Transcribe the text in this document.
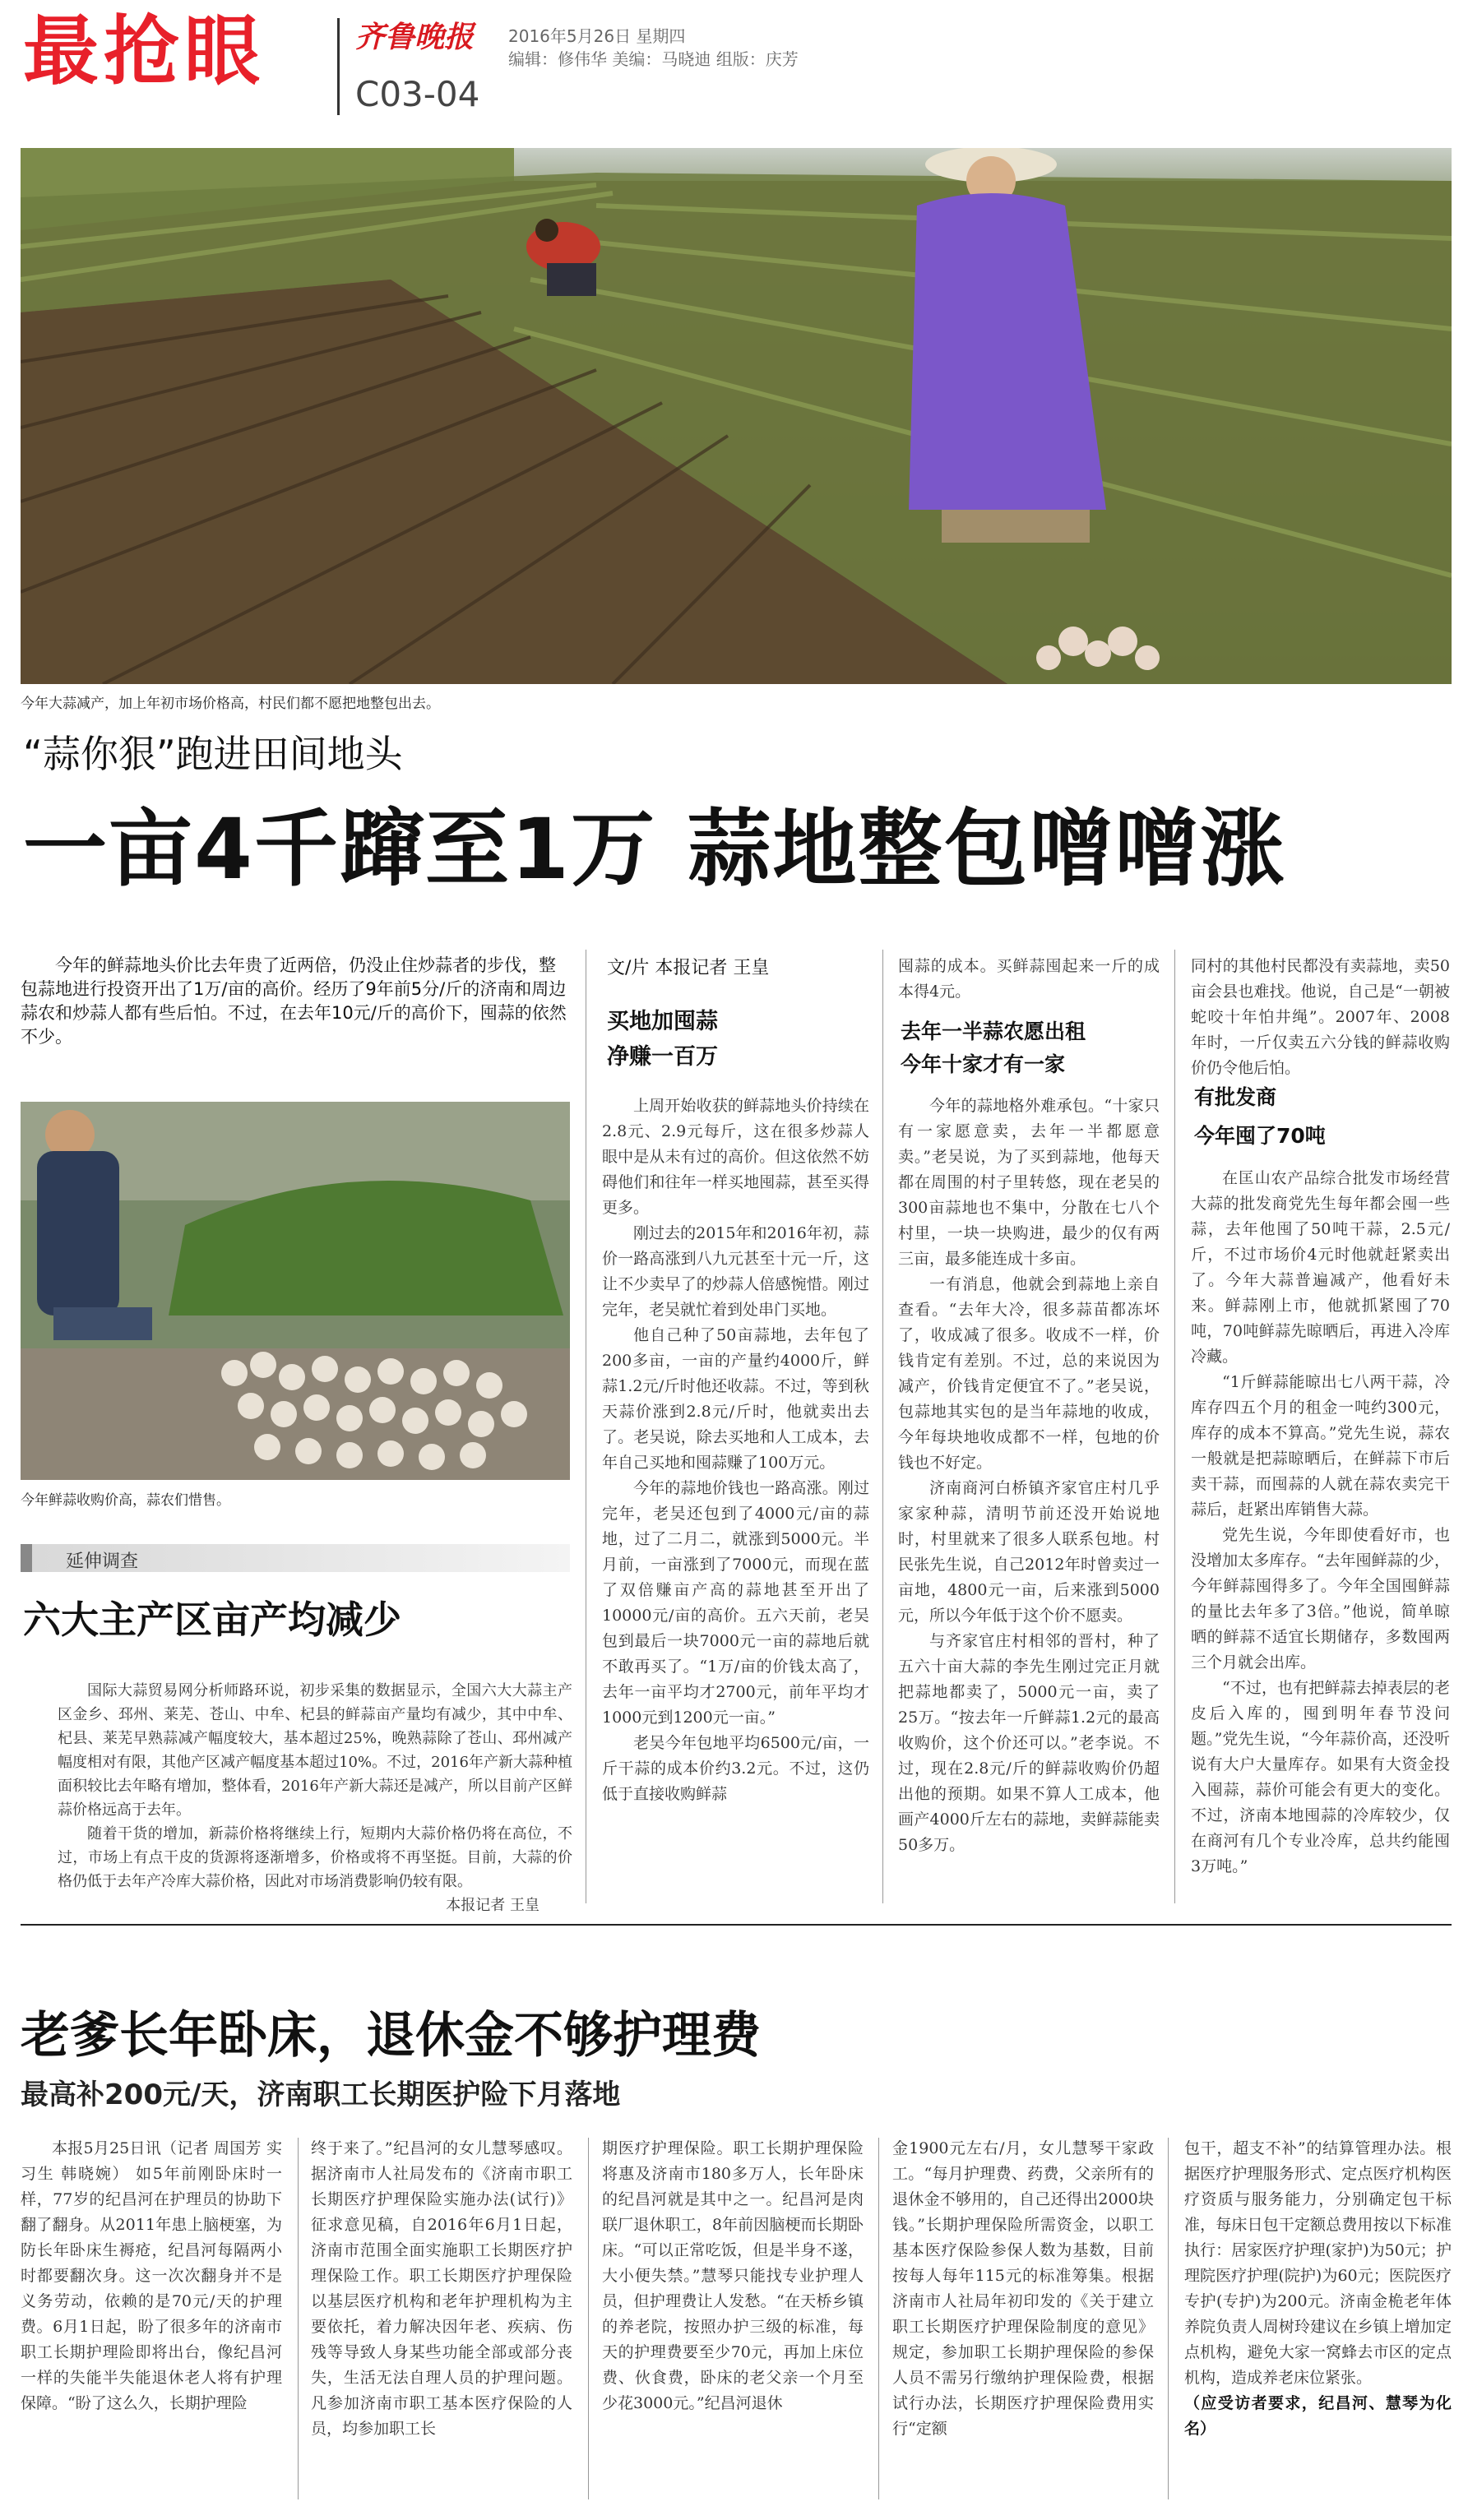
最抢眼	齐鲁晚报 2016年5月26日 星期四
编辑：修伟华 美编：马晓迪 组版：庆芳
C03-04
今年大蒜减产，加上年初市场价格高，村民们都不愿把地整包出去。
“蒜你狠”跑进田间地头
一亩4千蹿至1万 蒜地整包噌噌涨
今年的鲜蒜地头价比去年贵了近两倍，仍没止住炒蒜者的步伐，整包蒜地进行投资开出了1万/亩的高价。经历了9年前5分/斤的济南和周边蒜农和炒蒜人都有些后怕。不过，在去年10元/斤的高价下，囤蒜的依然不少。
今年鲜蒜收购价高，蒜农们惜售。
延伸调查
六大主产区亩产均减少

国际大蒜贸易网分析师路环说，初步采集的数据显示，全国六大大蒜主产区金乡、邳州、莱芜、苍山、中牟、杞县的鲜蒜亩产量均有减少，其中中牟、杞县、莱芜早熟蒜减产幅度较大，基本超过25%，晚熟蒜除了苍山、邳州减产幅度相对有限，其他产区减产幅度基本超过10%。不过，2016年产新大蒜种植面积较比去年略有增加，整体看，2016年产新大蒜还是减产，所以目前产区鲜蒜价格远高于去年。

随着干货的增加，新蒜价格将继续上行，短期内大蒜价格仍将在高位，不过，市场上有点干皮的货源将逐渐增多，价格或将不再坚挺。目前，大蒜的价格仍低于去年产冷库大蒜价格，因此对市场消费影响仍较有限。

本报记者 王皇
文/片 本报记者 王皇
买地加囤蒜
净赚一百万

上周开始收获的鲜蒜地头价持续在2.8元、2.9元每斤，这在很多炒蒜人眼中是从未有过的高价。但这依然不妨碍他们和往年一样买地囤蒜，甚至买得更多。

刚过去的2015年和2016年初，蒜价一路高涨到八九元甚至十元一斤，这让不少卖早了的炒蒜人倍感惋惜。刚过完年，老吴就忙着到处串门买地。

他自己种了50亩蒜地，去年包了200多亩，一亩的产量约4000斤，鲜蒜1.2元/斤时他还收蒜。不过，等到秋天蒜价涨到2.8元/斤时，他就卖出去了。老吴说，除去买地和人工成本，去年自己买地和囤蒜赚了100万元。

今年的蒜地价钱也一路高涨。刚过完年，老吴还包到了4000元/亩的蒜地，过了二月二，就涨到5000元。半月前，一亩涨到了7000元，而现在蓝了双倍赚亩产高的蒜地甚至开出了10000元/亩的高价。五六天前，老吴包到最后一块7000元一亩的蒜地后就不敢再买了。“1万/亩的价钱太高了，去年一亩平均才2700元，前年平均才1000元到1200元一亩。”

老吴今年包地平均6500元/亩，一斤干蒜的成本价约3.2元。不过，这仍低于直接收购鲜蒜

囤蒜的成本。买鲜蒜囤起来一斤的成本得4元。
去年一半蒜农愿出租
今年十家才有一家

今年的蒜地格外难承包。“十家只有一家愿意卖，去年一半都愿意卖。”老吴说，为了买到蒜地，他每天都在周围的村子里转悠，现在老吴的300亩蒜地也不集中，分散在七八个村里，一块一块购进，最少的仅有两三亩，最多能连成十多亩。

一有消息，他就会到蒜地上亲自查看。“去年大冷，很多蒜苗都冻坏了，收成减了很多。收成不一样，价钱肯定有差别。不过，总的来说因为减产，价钱肯定便宜不了。”老吴说，包蒜地其实包的是当年蒜地的收成，今年每块地收成都不一样，包地的价钱也不好定。

济南商河白桥镇齐家官庄村几乎家家种蒜，清明节前还没开始说地时，村里就来了很多人联系包地。村民张先生说，自己2012年时曾卖过一亩地，4800元一亩，后来涨到5000元，所以今年低于这个价不愿卖。

与齐家官庄村相邻的晋村，种了五六十亩大蒜的李先生刚过完正月就把蒜地都卖了，5000元一亩，卖了25万。“按去年一斤鲜蒜1.2元的最高收购价，这个价还可以。”老李说。不过，现在2.8元/斤的鲜蒜收购价仍超出他的预期。如果不算人工成本，他画产4000斤左右的蒜地，卖鲜蒜能卖50多万。

同村的其他村民都没有卖蒜地，卖50亩会县也难找。他说，自己是“一朝被蛇咬十年怕井绳”。2007年、2008年时，一斤仅卖五六分钱的鲜蒜收购价仍令他后怕。
有批发商
今年囤了70吨

在匡山农产品综合批发市场经营大蒜的批发商党先生每年都会囤一些蒜，去年他囤了50吨干蒜，2.5元/斤，不过市场价4元时他就赶紧卖出了。今年大蒜普遍减产，他看好未来。鲜蒜刚上市，他就抓紧囤了70吨，70吨鲜蒜先晾晒后，再进入冷库冷藏。

“1斤鲜蒜能晾出七八两干蒜，冷库存四五个月的租金一吨约300元，库存的成本不算高。”党先生说，蒜农一般就是把蒜晾晒后，在鲜蒜下市后卖干蒜，而囤蒜的人就在蒜农卖完干蒜后，赶紧出库销售大蒜。

党先生说，今年即使看好市，也没增加太多库存。“去年囤鲜蒜的少，今年鲜蒜囤得多了。今年全国囤鲜蒜的量比去年多了3倍。”他说，简单晾晒的鲜蒜不适宜长期储存，多数囤两三个月就会出库。

“不过，也有把鲜蒜去掉表层的老皮后入库的，囤到明年春节没问题。”党先生说，“今年蒜价高，还没听说有大户大量库存。如果有大资金投入囤蒜，蒜价可能会有更大的变化。不过，济南本地囤蒜的冷库较少，仅在商河有几个专业冷库，总共约能囤3万吨。”

老爹长年卧床，退休金不够护理费
最高补200元/天，济南职工长期医护险下月落地

本报5月25日讯（记者 周国芳 实习生 韩晓婉） 如5年前刚卧床时一样，77岁的纪昌河在护理员的协助下翻了翻身。从2011年患上脑梗塞，为防长年卧床生褥疮，纪昌河每隔两小时都要翻次身。这一次次翻身并不是义务劳动，依赖的是70元/天的护理费。6月1日起，盼了很多年的济南市职工长期护理险即将出台，像纪昌河一样的失能半失能退休老人将有护理保障。“盼了这么久，长期护理险

终于来了。”纪昌河的女儿慧琴感叹。据济南市人社局发布的《济南市职工长期医疗护理保险实施办法(试行)》征求意见稿，自2016年6月1日起，济南市范围全面实施职工长期医疗护理保险工作。职工长期医疗护理保险以基层医疗机构和老年护理机构为主要依托，着力解决因年老、疾病、伤残等导致人身某些功能全部或部分丧失，生活无法自理人员的护理问题。凡参加济南市职工基本医疗保险的人员，均参加职工长
期医疗护理保险。职工长期护理保险将惠及济南市180多万人，长年卧床的纪昌河就是其中之一。纪昌河是肉联厂退休职工，8年前因脑梗而长期卧床。“可以正常吃饭，但是半身不遂，大小便失禁。”慧琴只能找专业护理人员，但护理费让人发愁。“在天桥乡镇的养老院，按照办护三级的标准，每天的护理费要至少70元，再加上床位费、伙食费，卧床的老父亲一个月至少花3000元。”纪昌河退休
金1900元左右/月，女儿慧琴干家政工。“每月护理费、药费，父亲所有的退休金不够用的，自己还得出2000块钱。”长期护理保险所需资金，以职工基本医疗保险参保人数为基数，目前按每人每年115元的标准筹集。根据济南市人社局年初印发的《关于建立职工长期医疗护理保险制度的意见》规定，参加职工长期护理保险的参保人员不需另行缴纳护理保险费，根据试行办法，长期医疗护理保险费用实行“定额
包干，超支不补”的结算管理办法。根据医疗护理服务形式、定点医疗机构医疗资质与服务能力，分别确定包干标准，每床日包干定额总费用按以下标准执行：居家医疗护理(家护)为50元；护理院医疗护理(院护)为60元；医院医疗专护(专护)为200元。济南金桅老年体养院负责人周树玲建议在乡镇上增加定点机构，避免大家一窝蜂去市区的定点机构，造成养老床位紧张。
（应受访者要求，纪昌河、慧琴为化名）
